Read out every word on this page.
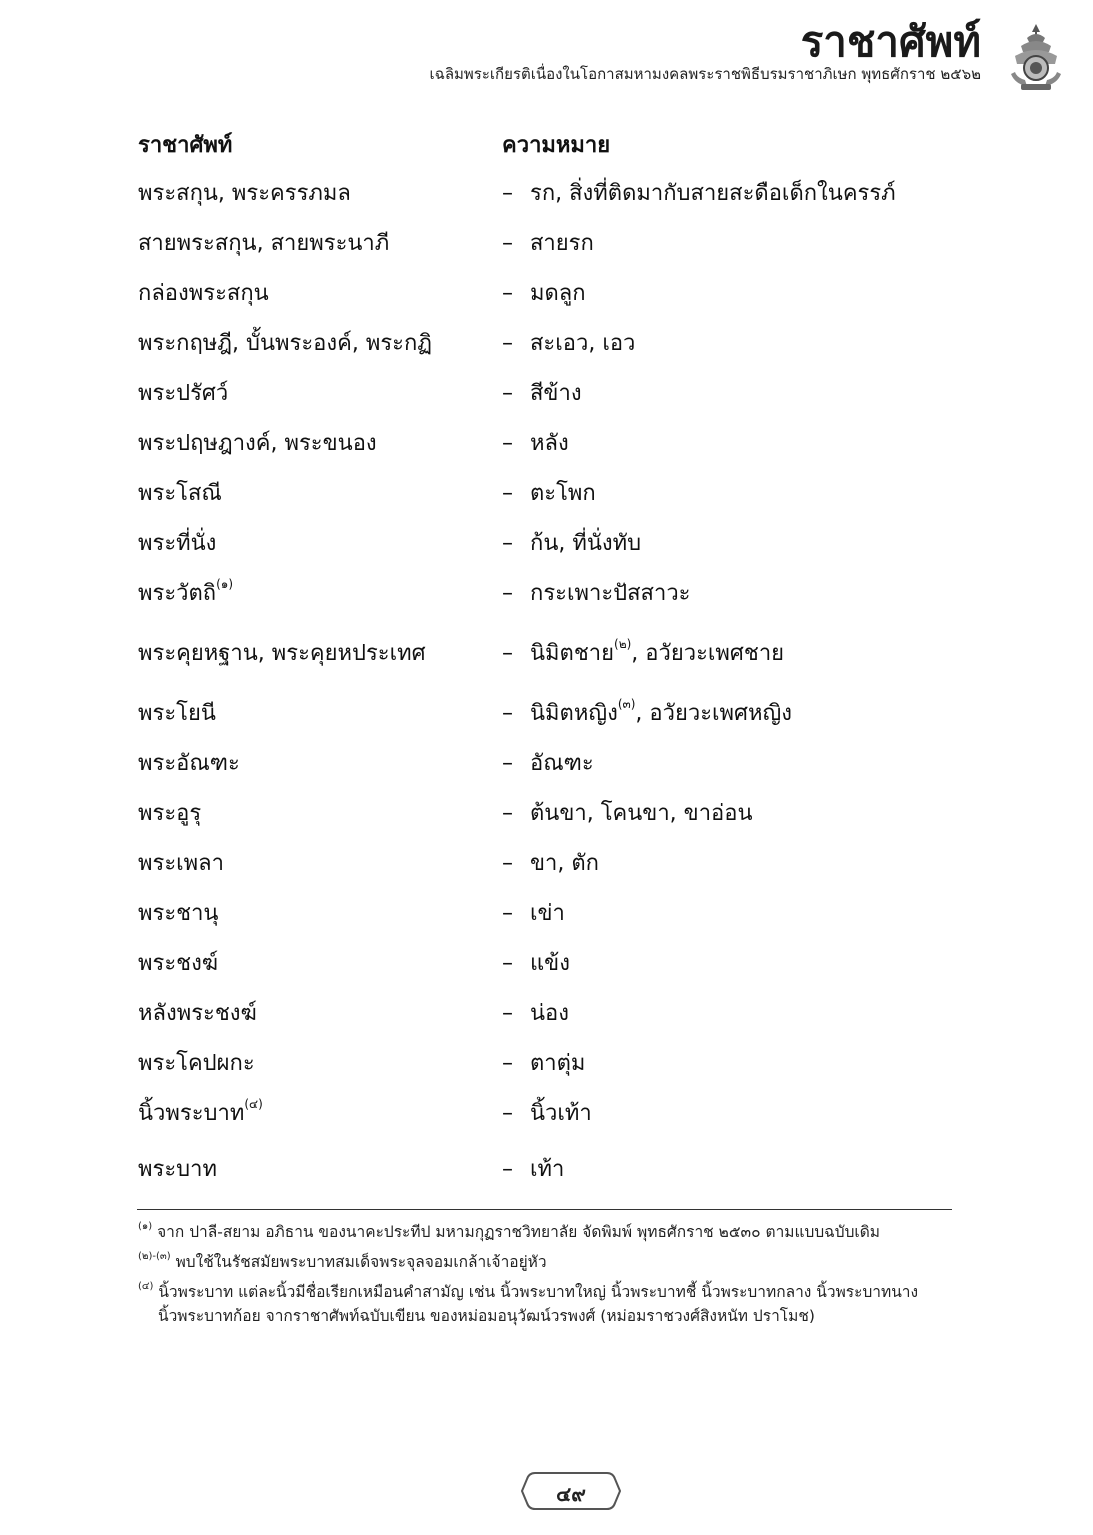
ราชาศัพท์
เฉลิมพระเกียรติเนื่องในโอกาสมหามงคลพระราชพิธีบรมราชาภิเษก พุทธศักราช ๒๕๖๒
ราชาศัพท์	ความหมาย
พระสกุน, พระครรภมล	– รก, สิ่งที่ติดมากับสายสะดือเด็กในครรภ์
สายพระสกุน, สายพระนาภี	– สายรก
กล่องพระสกุน	– มดลูก
พระกฤษฎี, บั้นพระองค์, พระกฏิ	– สะเอว, เอว
พระปรัศว์	– สีข้าง
พระปฤษฎางค์, พระขนอง	– หลัง
พระโสณี	– ตะโพก
พระที่นั่ง	– ก้น, ที่นั่งทับ
พระวัตถิ$^{(๑)}$	– กระเพาะปัสสาวะ
พระคุยหฐาน, พระคุยหประเทศ	– นิมิตชาย$^{(๒)}$, อวัยวะเพศชาย
พระโยนี	– นิมิตหญิง$^{(๓)}$, อวัยวะเพศหญิง
พระอัณฑะ	– อัณฑะ
พระอูรุ	– ต้นขา, โคนขา, ขาอ่อน
พระเพลา	– ขา, ตัก
พระชานุ	– เข่า
พระชงฆ์	– แข้ง
หลังพระชงฆ์	– น่อง
พระโคปผกะ	– ตาตุ่ม
นิ้วพระบาท$^{(๔)}$	– นิ้วเท้า
พระบาท	– เท้า
$^{(๑)}$ จาก ปาลี-สยาม อภิธาน ของนาคะประทีป มหามกุฏราชวิทยาลัย จัดพิมพ์ พุทธศักราช ๒๕๓๐ ตามแบบฉบับเดิม
$^{(๒)-(๓)}$ พบใช้ในรัชสมัยพระบาทสมเด็จพระจุลจอมเกล้าเจ้าอยู่หัว
$^{(๔)}$ นิ้วพระบาท แต่ละนิ้วมีชื่อเรียกเหมือนคำสามัญ เช่น นิ้วพระบาทใหญ่ นิ้วพระบาทชี้ นิ้วพระบาทกลาง นิ้วพระบาทนาง
นิ้วพระบาทก้อย จากราชาศัพท์ฉบับเขียน ของหม่อมอนุวัฒน์วรพงศ์ (หม่อมราชวงศ์สิงหนัท ปราโมช)
๔๙
